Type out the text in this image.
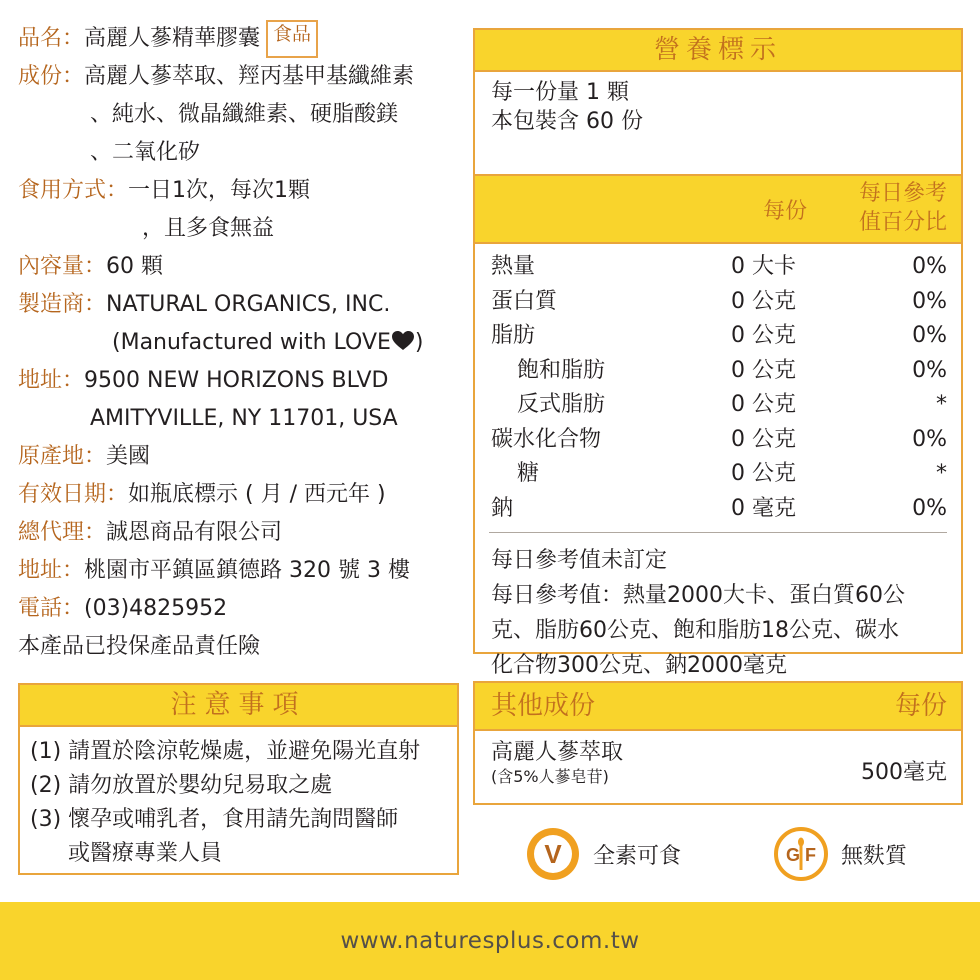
品名： 高麗人蔘精華膠囊 食品
成份： 高麗人蔘萃取、羥丙基甲基纖維素
、純水、微晶纖維素、硬脂酸鎂
、二氧化矽
食用方式： 一日1次，每次1顆
，且多食無益
內容量： 60 顆
製造商： NATURAL ORGANICS, INC.
(Manufactured with LOVE )
地址： 9500 NEW HORIZONS BLVD
AMITYVILLE, NY 11701, USA
原產地： 美國
有效日期： 如瓶底標示 ( 月 / 西元年 )
總代理： 誠恩商品有限公司
地址： 桃園市平鎮區鎮德路 320 號 3 樓
電話： (03)4825952
本產品已投保產品責任險
營養標示
每一份量 1 顆
本包裝含 60 份
每份
每日參考
值百分比
熱量	0 大卡	0%
蛋白質	0 公克	0%
脂肪	0 公克	0%
飽和脂肪	0 公克	0%
反式脂肪	0 公克	*
碳水化合物	0 公克	0%
糖	0 公克	*
鈉	0 毫克	0%
每日參考值未訂定
每日參考值：熱量2000大卡、蛋白質60公
克、脂肪60公克、飽和脂肪18公克、碳水
化合物300公克、鈉2000毫克
注意事項
(1) 請置於陰涼乾燥處，並避免陽光直射
(2) 請勿放置於嬰幼兒易取之處
(3) 懷孕或哺乳者，食用請先詢問醫師
或醫療專業人員
其他成份	每份
高麗人蔘萃取
(含5%人蔘皂苷)	500毫克
V 全素可食	G F 無麩質
www.naturesplus.com.tw
